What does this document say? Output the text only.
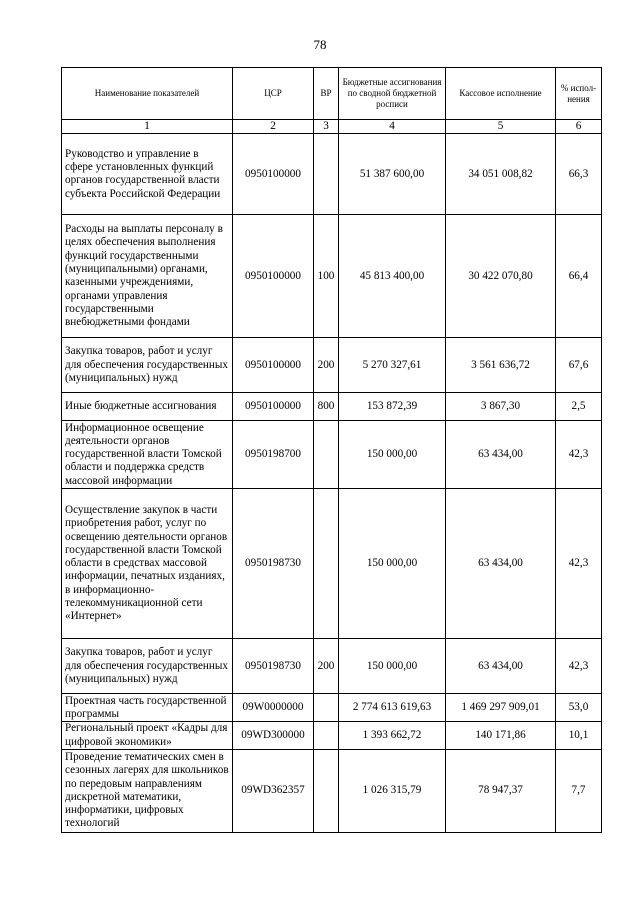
78
Наименование показателей	ЦСР	ВР	Бюджетные ассигнования по сводной бюджетной росписи	Кассовое исполнение	% испол-нения
1	2	3	4	5	6
Руководство и управление в сфере установленных функций органов государственной власти субъекта Российской Федерации	0950100000		51 387 600,00	34 051 008,82	66,3
Расходы на выплаты персоналу в целях обеспечения выполнения функций государственными (муниципальными) органами, казенными учреждениями, органами управления государственными внебюджетными фондами	0950100000	100	45 813 400,00	30 422 070,80	66,4
Закупка товаров, работ и услуг для обеспечения государственных (муниципальных) нужд	0950100000	200	5 270 327,61	3 561 636,72	67,6
Иные бюджетные ассигнования	0950100000	800	153 872,39	3 867,30	2,5
Информационное освещение деятельности органов государственной власти Томской области и поддержка средств массовой информации	0950198700		150 000,00	63 434,00	42,3
Осуществление закупок в части приобретения работ, услуг по освещению деятельности органов государственной власти Томской области в средствах массовой информации, печатных изданиях, в информационно-телекоммуникационной сети «Интернет»	0950198730		150 000,00	63 434,00	42,3
Закупка товаров, работ и услуг для обеспечения государственных (муниципальных) нужд	0950198730	200	150 000,00	63 434,00	42,3
Проектная часть государственной программы	09W0000000		2 774 613 619,63	1 469 297 909,01	53,0
Региональный проект «Кадры для цифровой экономики»	09WD300000		1 393 662,72	140 171,86	10,1
Проведение тематических смен в сезонных лагерях для школьников по передовым направлениям дискретной математики, информатики, цифровых технологий	09WD362357		1 026 315,79	78 947,37	7,7
